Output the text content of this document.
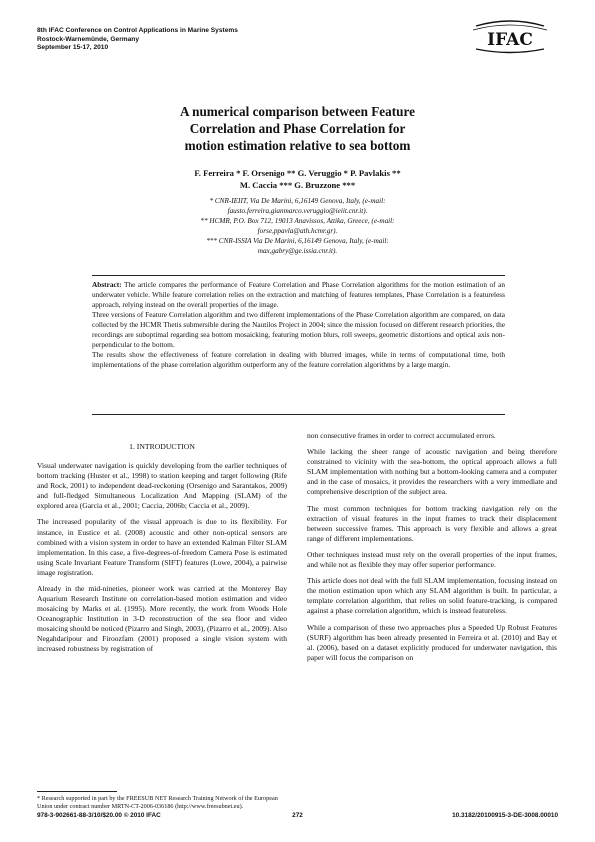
8th IFAC Conference on Control Applications in Marine Systems
Rostock-Warnemünde, Germany
September 15-17, 2010	IFAC
A numerical comparison between Feature
Correlation and Phase Correlation for
motion estimation relative to sea bottom
F. Ferreira * F. Orsenigo ** G. Veruggio * P. Pavlakis **
M. Caccia *** G. Bruzzone ***
* CNR-IEIIT, Via De Marini, 6,16149 Genova, Italy, (e-mail:
fausto.ferreira,gianmarco.veruggio@ieiit.cnr.it).
** HCMR, P.O. Box 712, 19013 Anavissos, Attika, Greece, (e-mail:
forse,ppavla@ath.hcmr.gr).
*** CNR-ISSIA Via De Marini, 6,16149 Genova, Italy, (e-mail:
max,gabry@ge.issia.cnr.it).

Abstract: The article compares the performance of Feature Correlation and Phase Correlation algorithms for the motion estimation of an underwater vehicle. While feature correlation relies on the extraction and matching of features templates, Phase Correlation is a featureless approach, relying instead on the overall properties of the image.

Three versions of Feature Correlation algorithm and two different implementations of the Phase Correlation algorithm are compared, on data collected by the HCMR Thetis submersible during the Nautilos Project in 2004; since the mission focused on different research priorities, the recordings are suboptimal regarding sea bottom mosaicking, featuring motion blurs, roll sweeps, geometric distortions and optical axis non-perpendicular to the bottom.

The results show the effectiveness of feature correlation in dealing with blurred images, while in terms of computational time, both implementations of the phase correlation algorithm outperform any of the feature correlation algorithms by a large margin.

1. INTRODUCTION

Visual underwater navigation is quickly developing from the earlier techniques of bottom tracking (Huster et al., 1998) to station keeping and target following (Rife and Rock, 2001) to independent dead-reckoning (Orsenigo and Sarantakos, 2009) and full-fledged Simultaneous Localization And Mapping (SLAM) of the explored area (Garcia et al., 2001; Caccia, 2006b; Caccia et al., 2009).

The increased popularity of the visual approach is due to its flexibility. For instance, in Eustice et al. (2008) acoustic and other non-optical sensors are combined with a vision system in order to have an extended Kalman Filter SLAM implementation. In this case, a five-degrees-of-freedom Camera Pose is estimated using Scale Invariant Feature Transform (SIFT) features (Lowe, 2004), a pairwise image registration.

Already in the mid-nineties, pioneer work was carried at the Monterey Bay Aquarium Research Institute on correlation-based motion estimation and video mosaicing by Marks et al. (1995). More recently, the work from Woods Hole Oceanographic Institution in 3-D reconstruction of the sea floor and video mosaicing should be noticed (Pizarro and Singh, 2003), (Pizarro et al., 2009). Also Negahdaripour and Firoozfam (2001) proposed a single vision system with increased robustness by registration of

non consecutive frames in order to correct accumulated errors.

While lacking the sheer range of acoustic navigation and being therefore constrained to vicinity with the sea-bottom, the optical approach allows a full SLAM implementation with nothing but a bottom-looking camera and a computer and in the case of mosaics, it provides the researchers with a very immediate and comprehensive description of the subject area.

The most common techniques for bottom tracking navigation rely on the extraction of visual features in the input frames to track their displacement between successive frames. This approach is very flexible and allows a great range of different implementations.

Other techniques instead must rely on the overall properties of the input frames, and while not as flexible they may offer superior performance.

This article does not deal with the full SLAM implementation, focusing instead on the motion estimation upon which any SLAM algorithm is built. In particular, a template correlation algorithm, that relies on solid feature-tracking, is compared against a phase correlation algorithm, which is instead featureless.

While a comparison of these two approaches plus a Speeded Up Robust Features (SURF) algorithm has been already presented in Ferreira et al. (2010) and Bay et al. (2006), based on a dataset explicitly produced for underwater navigation, this paper will focus the comparison on

* Research supported in part by the FREESUB NET Research Training Network of the European Union under contract number MRTN-CT-2006-036186 (http://www.freesubnet.eu).
978-3-902661-88-3/10/$20.00 © 2010 IFAC	272	10.3182/20100915-3-DE-3008.00010
